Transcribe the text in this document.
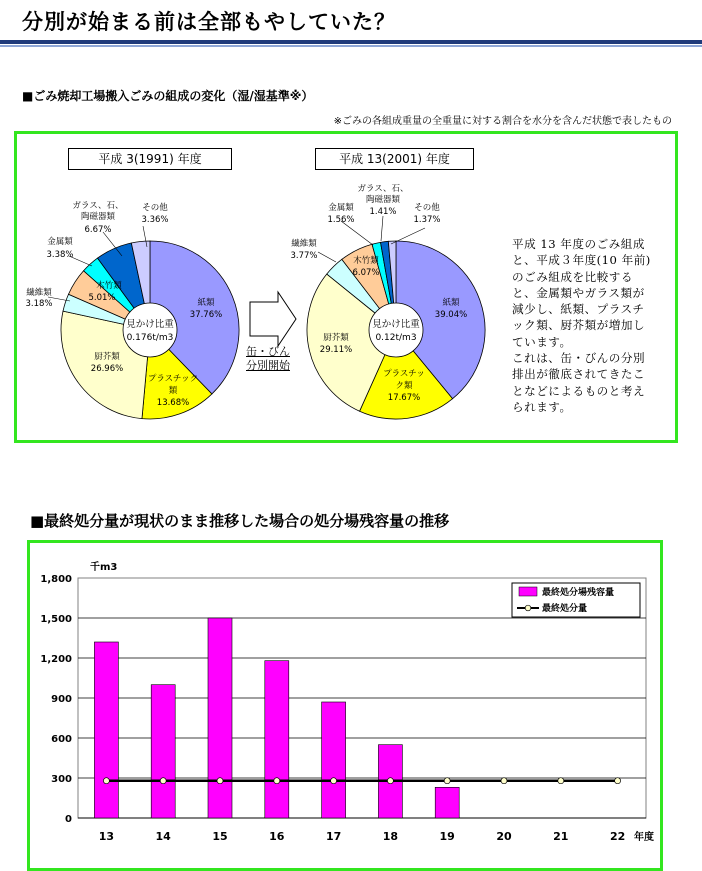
分別が始まる前は全部もやしていた？
■ごみ焼却工場搬入ごみの組成の変化（湿/湿基準※）
※ごみの各組成重量の全重量に対する割合を水分を含んだ状態で表したもの
平成 3(1991) 年度	平成 13(2001) 年度
その他
3.36%
ガラス、石、
陶磁器類
6.67%
金属類
3.38%
繊維類
3.18%
木竹類
5.01%	紙類
37.76%
厨芥類
26.96%
プラスチック
類
13.68%
見かけ比重
0.176t/m3
ガラス、石、
陶磁器類
1.41% その他
1.37%
金属類
1.56%
繊維類
3.77%	木竹類
6.07%
紙類
39.04%
厨芥類
29.11%
プラスチッ
ク類
17.67%
見かけ比重
0.12t/m3
缶・びん
分別開始
平成 13 年度のごみ組成
と、平成３年度(10 年前)
のごみ組成を比較する
と、金属類やガラス類が
減少し、紙類、プラスチ
ック類、厨芥類が増加し
ています。
これは、缶・びんの分別
排出が徹底されてきたこ
となどによるものと考え
られます。
■最終処分量が現状のまま推移した場合の処分場残容量の推移
1,800
1,500
1,200
900
600
300
0
13	14	15	16	17	18	19	20	21	22
千m3
年度
最終処分場残容量
最終処分量
